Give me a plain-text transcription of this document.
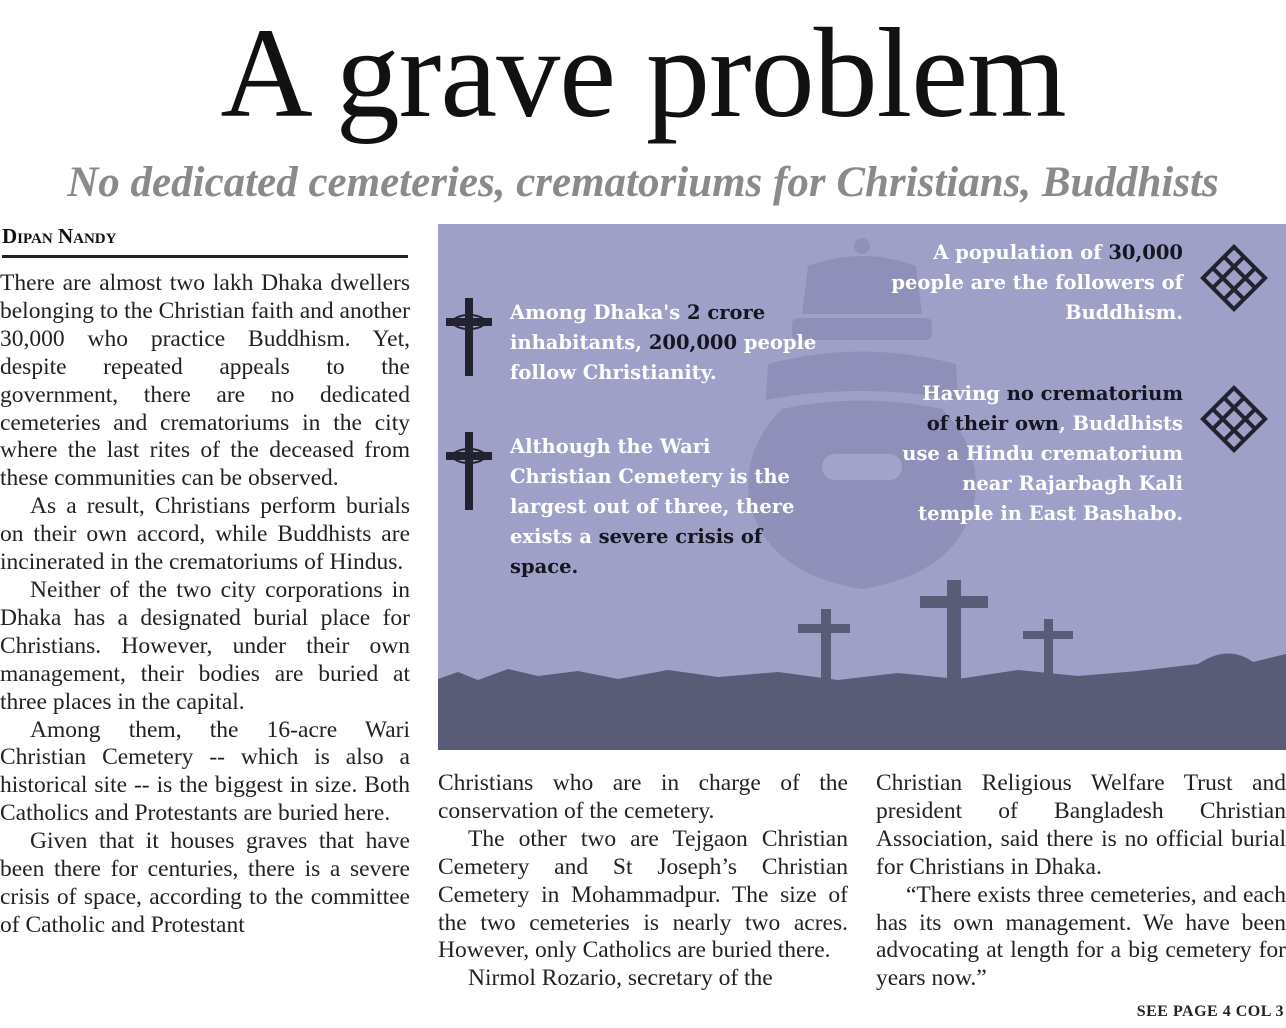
A grave problem
No dedicated cemeteries, crematoriums for Christians, Buddhists
Dipan Nandy

There are almost two lakh Dhaka dwellers belonging to the Christian faith and another 30,000 who practice Buddhism. Yet, despite repeated appeals to the government, there are no dedicated cemeteries and crematoriums in the city where the last rites of the deceased from these communities can be observed.

As a result, Christians perform burials on their own accord, while Buddhists are incinerated in the crematoriums of Hindus.

Neither of the two city corporations in Dhaka has a designated burial place for Christians. However, under their own management, their bodies are buried at three places in the capital.

Among them, the 16-acre Wari Christian Cemetery -- which is also a historical site -- is the biggest in size. Both Catholics and Protestants are buried here.

Given that it houses graves that have been there for centuries, there is a severe crisis of space, according to the committee of Catholic and Protestant

Among Dhaka's 2 crore inhabitants, 200,000 people follow Christianity.
Although the Wari Christian Cemetery is the largest out of three, there exists a severe crisis of space.
A population of 30,000 people are the followers of Buddhism.
Having no crematorium of their own, Buddhists use a Hindu crematorium near Rajarbagh Kali temple in East Bashabo.

Christians who are in charge of the conservation of the cemetery.

The other two are Tejgaon Christian Cemetery and St Joseph’s Christian Cemetery in Mohammadpur. The size of the two cemeteries is nearly two acres. However, only Catholics are buried there.

Nirmol Rozario, secretary of the

Christian Religious Welfare Trust and president of Bangladesh Christian Association, said there is no official burial for Christians in Dhaka.

“There exists three cemeteries, and each has its own management. We have been advocating at length for a big cemetery for years now.”

SEE PAGE 4 COL 3
